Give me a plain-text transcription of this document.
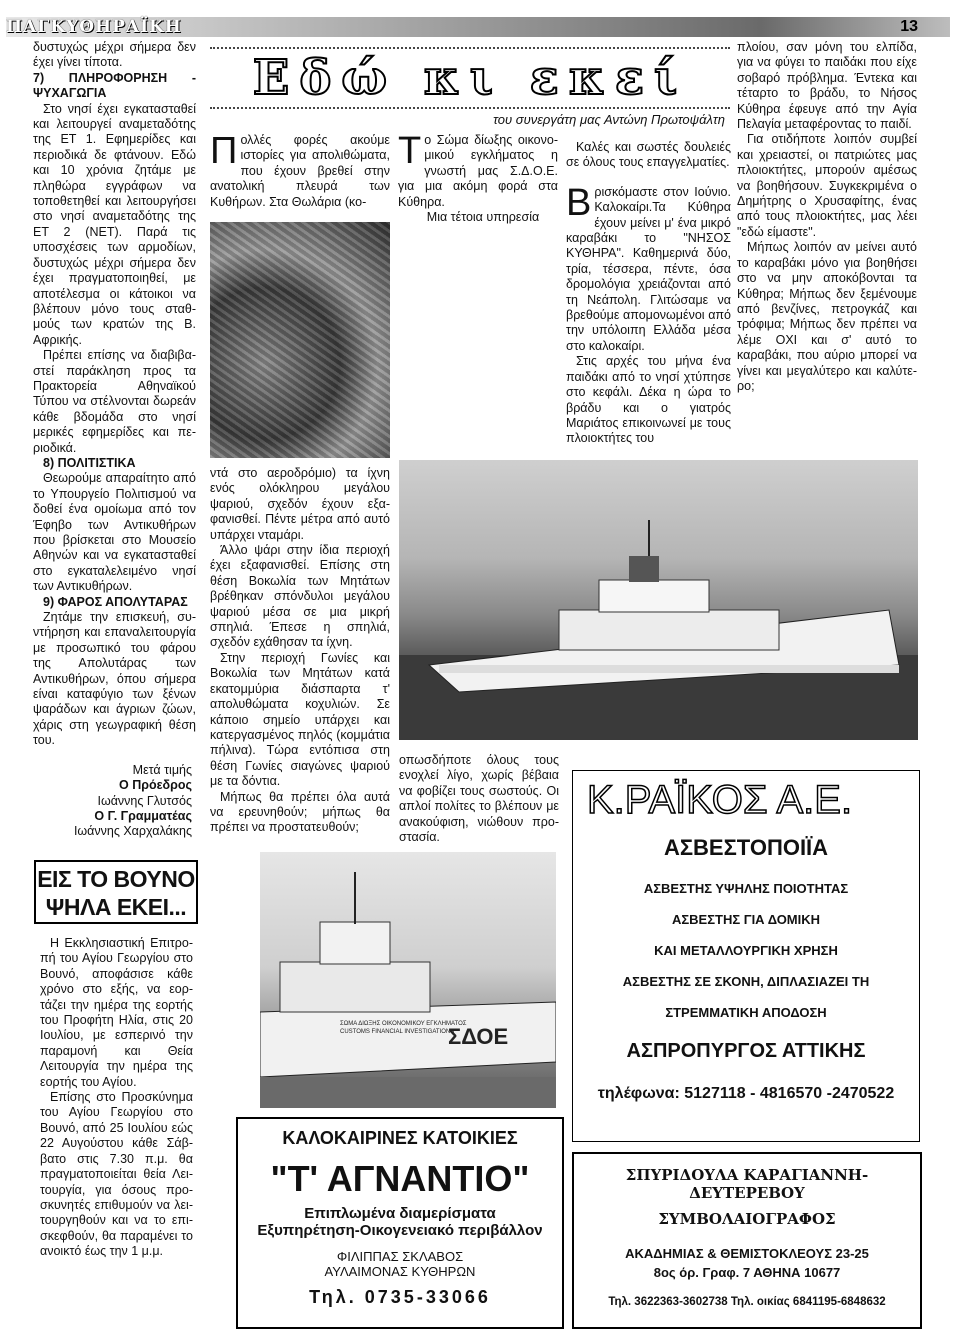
ΠΑΓΚΥΘΗΡΑΪΚΗ	13

δυστυχώς μέχρι σήμερα δεν έχει γίνει τίποτα.

7) ΠΛΗΡΟΦΟΡΗΣΗ - ΨΥΧΑΓΩΓΙΑ

Στο νησί έχει εγκατασταθεί και λειτουργεί αναμεταδότης της ΕΤ 1. Εφημερίδες και περιοδικά δε φτάνουν. Εδώ και 10 χρόνια ζητάμε με πληθώρα εγγράφων να τοποθετηθεί και λειτουργήσει στο νησί αναμεταδότης της ΕΤ 2 (ΝΕΤ). Παρά τις υποσχέσεις των αρμοδίων, δυστυχώς μέχρι σήμερα δεν έχει πραγματοποιηθεί, με αποτέλεσμα οι κάτοικοι να βλέπουν μόνο τους σταθμούς των κρατών της Β. Αφρικής.

Πρέπει επίσης να διαβιβαστεί παράκληση προς τα Πρακτορεία Αθηναϊκού Τύπου να στέλνονται δωρεάν κάθε βδομάδα στο νησί μερικές εφημερίδες και περιοδικά.

8) ΠΟΛΙΤΙΣΤΙΚΑ

Θεωρούμε απαραίτητο από το Υπουργείο Πολιτισμού να δοθεί ένα ομοίωμα από τον Έφηβο των Αντικυθήρων που βρίσκεται στο Μουσείο Αθηνών και να εγκατασταθεί στο εγκαταλελειμένο νησί των Αντικυθήρων.

9) ΦΑΡΟΣ ΑΠΟΛΥΤΑΡΑΣ

Ζητάμε την επισκευή, συντήρηση και επαναλειτουργία με προσωπικό του φάρου της Απολυτάρας των Αντικυθήρων, όπου σήμερα είναι καταφύγιο των ξένων ψαράδων και άγριων ζώων, χάρις στη γεωγραφική θέση του.

Μετά τιμής
Ο Πρόεδρος
Ιωάννης Γλυτσός
Ο Γ. Γραμματέας
Ιωάννης Χαρχαλάκης
ΕΙΣ ΤΟ ΒΟΥΝΟ ΨΗΛΑ ΕΚΕΙ...

Η Εκκλησιαστική Επιτροπή του Αγίου Γεωργίου στο Βουνό, αποφάσισε κάθε χρόνο στο εξής, να εορτάζει την ημέρα της εορτής του Προφήτη Ηλία, στις 20 Ιουλίου, με εσπερινό την παραμονή και Θεία Λειτουργία την ημέρα της εορτής του Αγίου.

Επίσης στο Προσκύνημα του Αγίου Γεωργίου στο Βουνό, από 25 Ιουλίου εώς 22 Αυγούστου κάθε Σάββατο στις 7.30 π.μ. θα πραγματοποιείται θεία Λειτουργία, για όσους προσκυνητές επιθυμούν να λειτουργηθούν και να το επισκεφθούν, θα παραμένει το ανοικτό έως την 1 μ.μ.

Εδώ κι εκεί
του συνεργάτη μας Αντώνη Πρωτοψάλτη

Πολλές φορές ακούμε ιστορίες για απολιθώματα, που έχουν βρεθεί στην ανατολική πλευρά των Κυθήρων. Στα Θωλάρια (κο-

ντά στο αεροδρόμιο) τα ίχνη ενός ολόκληρου μεγάλου ψαριού, σχεδόν έχουν εξαφανισθεί. Πέντε μέτρα από αυτό υπάρχει νταμάρι.

Άλλο ψάρι στην ίδια περιοχή έχει εξαφανισθεί. Επίσης στη θέση Βοκωλία των Μητάτων βρέθηκαν σπόνδυλοι μεγάλου ψαριού μέσα σε μια μικρή σπηλιά. Έπεσε η σπηλιά, σχεδόν εχάθησαν τα ίχνη.

Στην περιοχή Γωνίες και Βοκωλία των Μητάτων κατά εκατομμύρια διάσπαρτα τ' απολυθώματα κοχυλιών. Σε κάποιο σημείο υπάρχει και κατεργασμένος πηλός (κομμάτια πήλινα). Τώρα εντόπισα στη θέση Γωνίες σιαγώνες ψαριού με τα δόντια.

Μήπως θα πρέπει όλα αυτά να ερευνηθούν; μήπως θα πρέπει να προστατευθούν;

Το Σώμα δίωξης οικονομικού εγκλήματος η γνωστή μας Σ.Δ.Ο.Ε. για μια ακόμη φορά στα Κύθηρα.

Μια τέτοια υπηρεσία

Καλές και σωστές δουλειές σε όλους τους επαγγελματίες.

Βρισκόμαστε στον Ιούνιο. Καλοκαίρι.Τα Κύθηρα έχουν μείνει μ' ένα μικρό καραβάκι το "ΝΗΣΟΣ ΚΥΘΗΡΑ". Καθημερινά δύο, τρία, τέσσερα, πέντε, όσα δρομολόγια χρειάζονται από τη Νεάπολη. Γλιτώσαμε να βρεθούμε απομονωμένοι από την υπόλοιπη Ελλάδα μέσα στο καλοκαίρι.

Στις αρχές του μήνα ένα παιδάκι από το νησί χτύπησε στο κεφάλι. Δέκα η ώρα το βράδυ και ο γιατρός Μαριάτος επικοινωνεί με τους πλοιοκτήτες του

πλοίου, σαν μόνη του ελπίδα, για να φύγει το παιδάκι που είχε σοβαρό πρόβλημα. Έντεκα και τέταρτο το βράδυ, το Νήσος Κύθηρα έφευγε από την Αγία Πελαγία μεταφέροντας το παιδί.

Για οτιδήποτε λοιπόν συμβεί και χρειαστεί, οι πατριώτες μας πλοιοκτήτες, μπορούν αμέσως να βοηθήσουν. Συγκεκριμένα ο Δημήτρης ο Χρυσαφίτης, ένας από τους πλοιοκτήτες, μας λέει "εδώ είμαστε".

Μήπως λοιπόν αν μείνει αυτό το καραβάκι μόνο για βοηθήσει στο να μην αποκόβονται τα Κύθηρα; Μήπως δεν ξεμένουμε από βενζίνες, πετρογκάζ και τρόφιμα; Μήπως δεν πρέπει να λέμε ΟΧΙ και σ' αυτό το καραβάκι, που αύριο μπορεί να γίνει και μεγαλύτερο και καλύτερο;

οπωσδήποτε όλους τους ενοχλεί λίγο, χωρίς βέβαια να φοβίζει τους σωστούς. Οι απλοί πολίτες το βλέπουν με ανακούφιση, νιώθουν προστασία.

ΣΩΜΑ ΔΙΩΞΗΣ ΟΙΚΟΝΟΜΙΚΟΥ ΕΓΚΛΗΜΑΤΟΣ
CUSTOMS FINANCIAL INVESTIGATIONS
ΣΔΟΕ
ΚΑΛΟΚΑΙΡΙΝΕΣ ΚΑΤΟΙΚΙΕΣ
"Τ' ΑΓΝΑΝΤΙΟ"
Επιπλωμένα διαμερίσματα
Εξυπηρέτηση-Οικογενειακό περιβάλλον
ΦΙΛΙΠΠΑΣ ΣΚΛΑΒΟΣ
ΑΥΛΑΙΜΟΝΑΣ ΚΥΘΗΡΩΝ
Τηλ. 0735-33066
Κ.ΡΑΪΚΟΣ Α.Ε.
ΑΣΒΕΣΤΟΠΟΙΪΑ
ΑΣΒΕΣΤΗΣ ΥΨΗΛΗΣ ΠΟΙΟΤΗΤΑΣ
ΑΣΒΕΣΤΗΣ ΓΙΑ ΔΟΜΙΚΗ
ΚΑΙ ΜΕΤΑΛΛΟΥΡΓΙΚΗ ΧΡΗΣΗ
ΑΣΒΕΣΤΗΣ ΣΕ ΣΚΟΝΗ, ΔΙΠΛΑΣΙΑΖΕΙ ΤΗ
ΣΤΡΕΜΜΑΤΙΚΗ ΑΠΟΔΟΣΗ
ΑΣΠΡΟΠΥΡΓΟΣ ΑΤΤΙΚΗΣ
τηλέφωνα: 5127118 - 4816570 -2470522
ΣΠΥΡΙΔΟΥΛΑ ΚΑΡΑΓΙΑΝΝΗ-ΔΕΥΤΕΡΕΒΟΥ
ΣΥΜΒΟΛΑΙΟΓΡΑΦΟΣ
ΑΚΑΔΗΜΙΑΣ & ΘΕΜΙΣΤΟΚΛΕΟΥΣ 23-25
8ος όρ. Γραφ. 7 ΑΘΗΝΑ 10677
Τηλ. 3622363-3602738 Τηλ. οικίας 6841195-6848632
